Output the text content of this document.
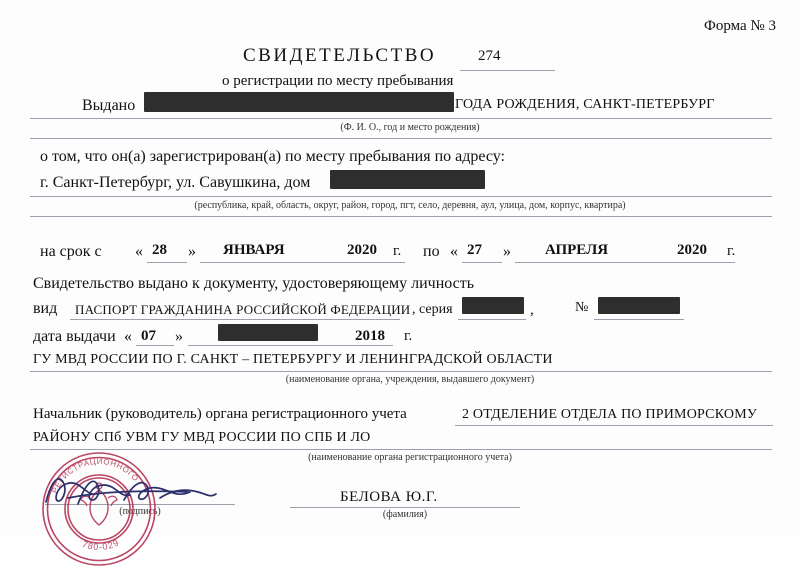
Форма № 3
СВИДЕТЕЛЬСТВО	274
о регистрации по месту пребывания
Выдано	ГОДА РОЖДЕНИЯ, САНКТ-ПЕТЕРБУРГ
(Ф. И. О., год и место рождения)
о том, что он(а) зарегистрирован(а) по месту пребывания по адресу:
г. Санкт-Петербург, ул. Савушкина, дом
(республика, край, область, округ, район, город, пгт, село, деревня, аул, улица, дом, корпус, квартира)
на срок с « 28 » ЯНВАРЯ	2020 г. по « 27 » АПРЕЛЯ	2020 г.
Свидетельство выдано к документу, удостоверяющему личность
вид ПАСПОРТ ГРАЖДАНИНА РОССИЙСКОЙ ФЕДЕРАЦИИ , серия	,	№
дата выдачи « 07 »	2018 г.
ГУ МВД РОССИИ ПО Г. САНКТ – ПЕТЕРБУРГУ И ЛЕНИНГРАДСКОЙ ОБЛАСТИ
(наименование органа, учреждения, выдавшего документ)
Начальник (руководитель) органа регистрационного учета	2 ОТДЕЛЕНИЕ ОТДЕЛА ПО ПРИМОРСКОМУ
РАЙОНУ СПб УВМ ГУ МВД РОССИИ ПО СПБ И ЛО
(наименование органа регистрационного учета)
(подпись)
БЕЛОВА Ю.Г.
(фамилия)
РЕГИСТРАЦИОННОГО
780-029
